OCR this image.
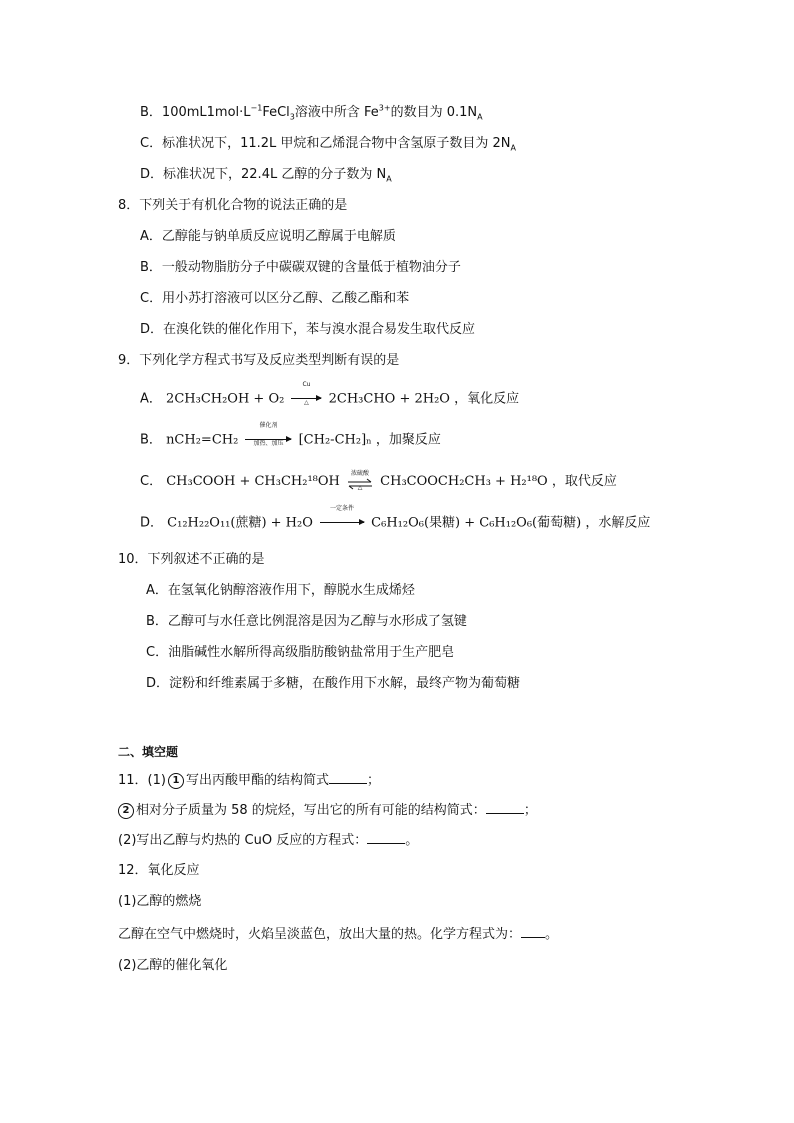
B．$100mL1mol\cdot L^{-1}FeCl_3$溶液中所含 $Fe^{3+}$的数目为 $0.1N_A$
C．标准状况下，11.2L 甲烷和乙烯混合物中含氢原子数目为 $2N_A$
D．标准状况下，22.4L 乙醇的分子数为 $N_A$
8．下列关于有机化合物的说法正确的是
A．乙醇能与钠单质反应说明乙醇属于电解质
B．一般动物脂肪分子中碳碳双键的含量低于植物油分子
C．用小苏打溶液可以区分乙醇、乙酸乙酯和苯
D．在溴化铁的催化作用下，苯与溴水混合易发生取代反应
9．下列化学方程式书写及反应类型判断有误的是
A． 2CH₃CH₂OH + O₂
Cu
△	2CH₃CHO + 2H₂O ，氧化反应
B． nCH₂=CH₂
催化剂
加热、加压	[CH₂-CH₂]ₙ ，加聚反应
C． CH₃COOH + CH₃CH₂¹⁸OH
浓硫酸
△	CH₃COOCH₂CH₃ + H₂¹⁸O ，取代反应
D． C₁₂H₂₂O₁₁(蔗糖) + H₂O
一定条件
C₆H₁₂O₆(果糖) + C₆H₁₂O₆(葡萄糖) ，水解反应
10．下列叙述不正确的是
A．在氢氧化钠醇溶液作用下，醇脱水生成烯烃
B．乙醇可与水任意比例混溶是因为乙醇与水形成了氢键
C．油脂碱性水解所得高级脂肪酸钠盐常用于生产肥皂
D．淀粉和纤维素属于多糖，在酸作用下水解，最终产物为葡萄糖
二、填空题
11．(1) 1 写出丙酸甲酯的结构简式	；
2 相对分子质量为 58 的烷烃，写出它的所有可能的结构简式：	；
(2)写出乙醇与灼热的 CuO 反应的方程式：	。
12．氧化反应
(1)乙醇的燃烧
乙醇在空气中燃烧时，火焰呈淡蓝色，放出大量的热。化学方程式为： 。
(2)乙醇的催化氧化
